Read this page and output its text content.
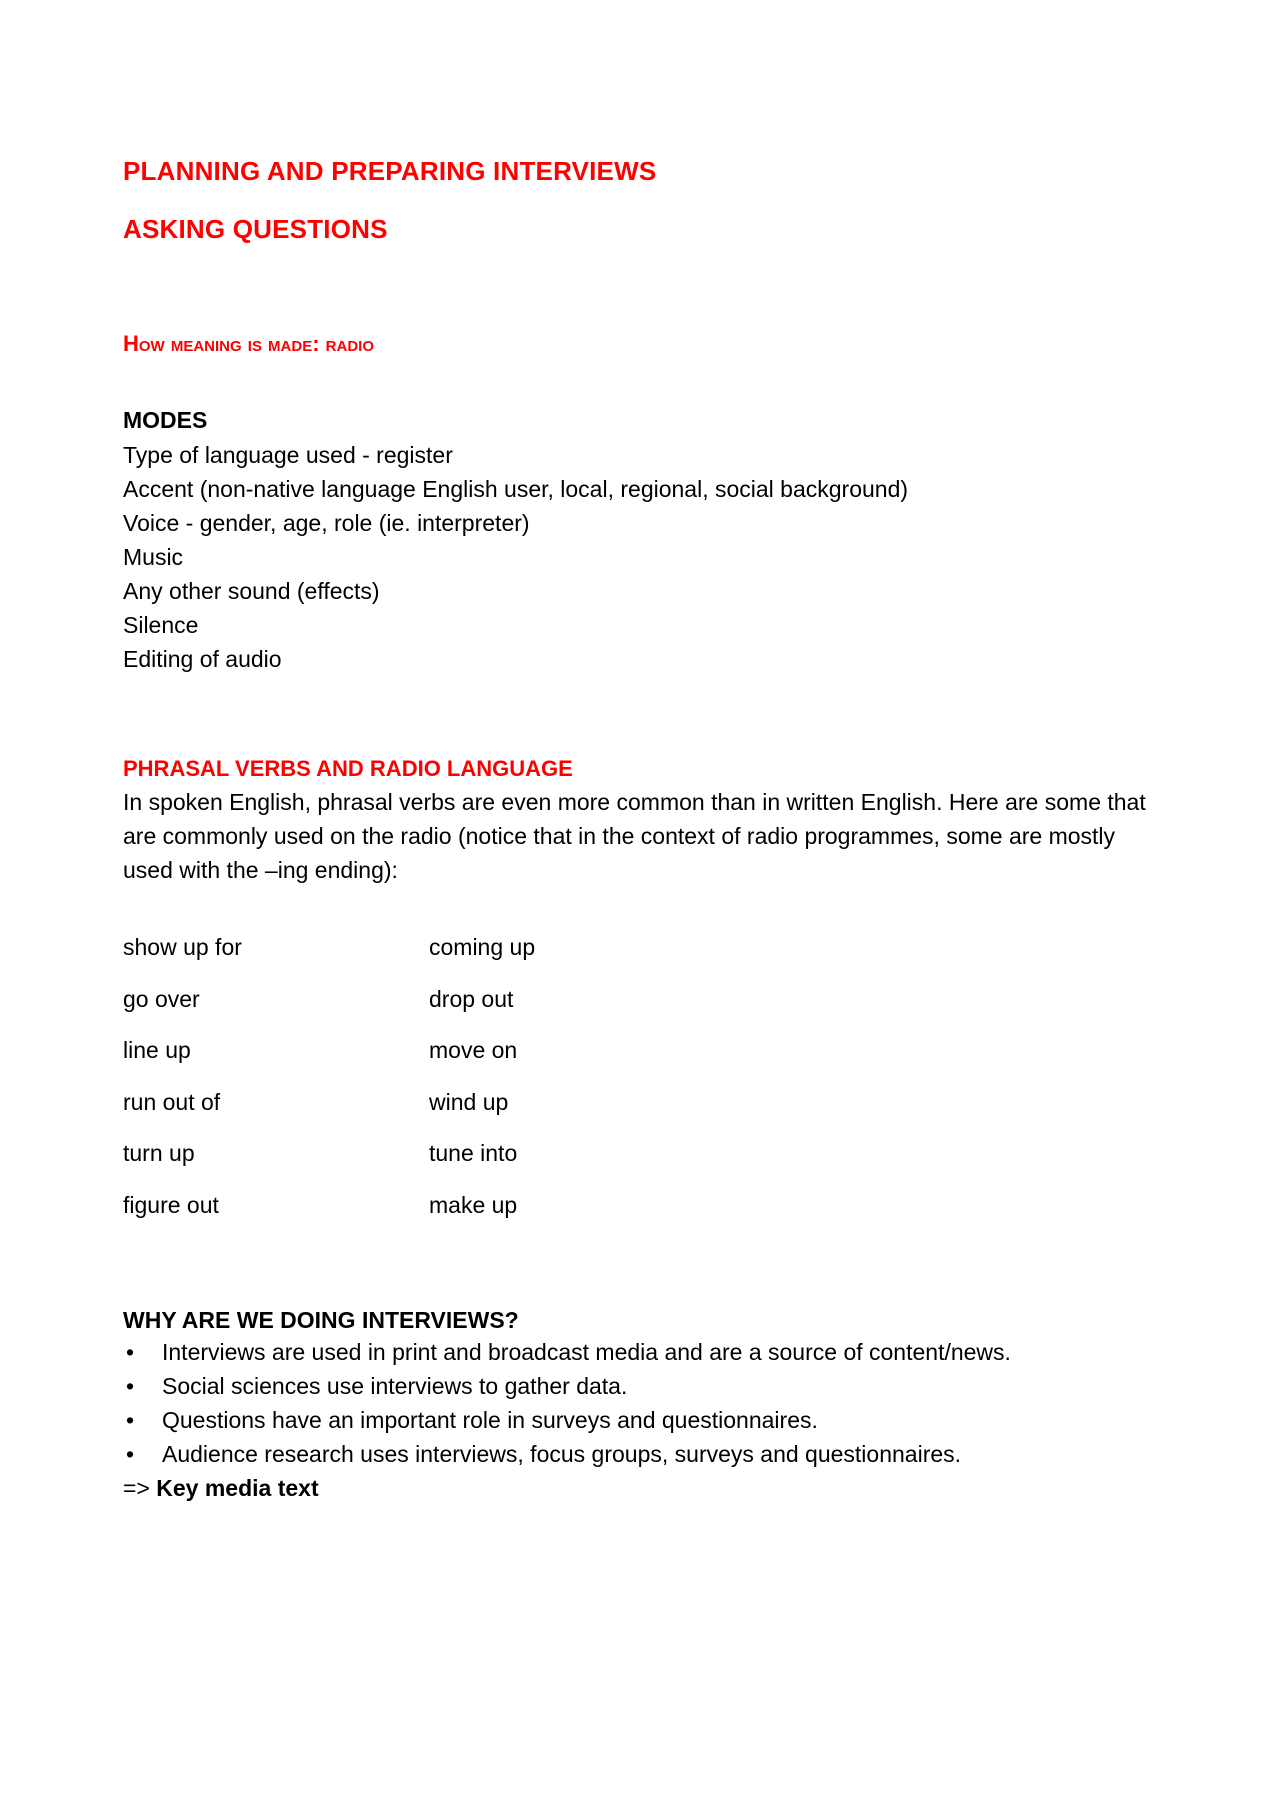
PLANNING AND PREPARING INTERVIEWS
ASKING QUESTIONS
How meaning is made: radio
MODES
Type of language used - register
Accent (non-native language English user, local, regional, social background)
Voice - gender, age, role (ie. interpreter)
Music
Any other sound (effects)
Silence
Editing of audio
PHRASAL VERBS AND RADIO LANGUAGE

In spoken English, phrasal verbs are even more common than in written English. Here are some that are commonly used on the radio (notice that in the context of radio programmes, some are mostly used with the –ing ending):

show up for	coming up
go over	drop out
line up	move on
run out of	wind up
turn up	tune into
figure out	make up
WHY ARE WE DOING INTERVIEWS?
• Interviews are used in print and broadcast media and are a source of content/news.
• Social sciences use interviews to gather data.
• Questions have an important role in surveys and questionnaires.
• Audience research uses interviews, focus groups, surveys and questionnaires.
=> Key media text
